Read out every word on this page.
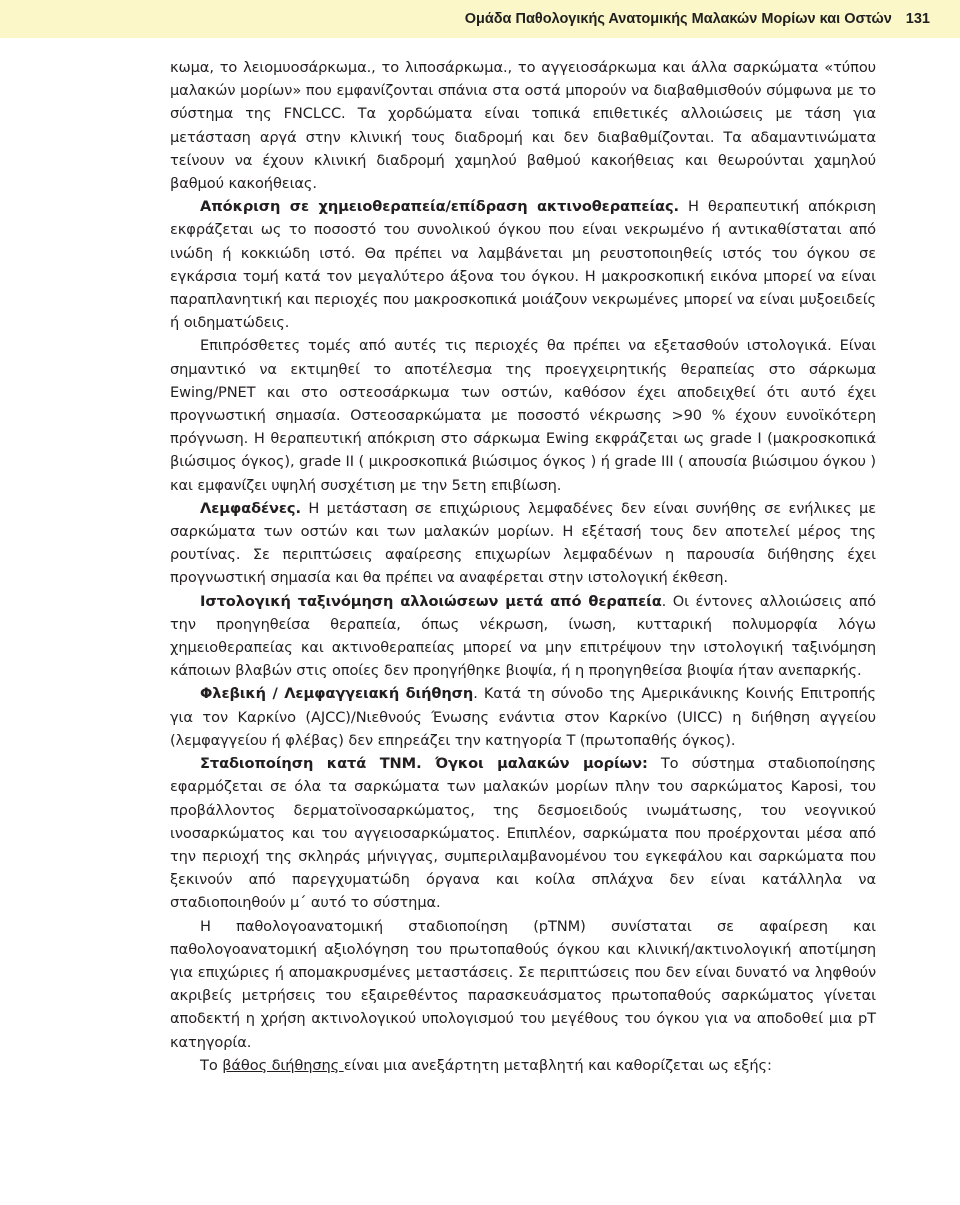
Ομάδα Παθολογικής Ανατομικής Μαλακών Μορίων και Οστών 131

κωμα, το λειομυοσάρκωμα., το λιποσάρκωμα., το αγγειοσάρκωμα και άλλα σαρκώματα «τύπου μαλακών μορίων» που εμφανίζονται σπάνια στα οστά μπορούν να διαβαθμισθούν σύμφωνα με το σύστημα της FNCLCC. Τα χορδώματα είναι τοπικά επιθετικές αλλοιώσεις με τάση για μετάσταση αργά στην κλινική τους διαδρομή και δεν διαβαθμίζονται. Τα αδαμαντινώματα τείνουν να έχουν κλινική διαδρομή χαμηλού βαθμού κακοήθειας και θεωρούνται χαμηλού βαθμού κακοήθειας.

Απόκριση σε χημειοθεραπεία/επίδραση ακτινοθεραπείας. Η θεραπευτική απόκριση εκφράζεται ως το ποσοστό του συνολικού όγκου που είναι νεκρωμένο ή αντικαθίσταται από ινώδη ή κοκκιώδη ιστό. Θα πρέπει να λαμβάνεται μη ρευστοποιηθείς ιστός του όγκου σε εγκάρσια τομή κατά τον μεγαλύτερο άξονα του όγκου. Η μακροσκοπική εικόνα μπορεί να είναι παραπλανητική και περιοχές που μακροσκοπικά μοιάζουν νεκρωμένες μπορεί να είναι μυξοειδείς ή οιδηματώδεις.

Επιπρόσθετες τομές από αυτές τις περιοχές θα πρέπει να εξετασθούν ιστολογικά. Είναι σημαντικό να εκτιμηθεί το αποτέλεσμα της προεγχειρητικής θεραπείας στο σάρκωμα Ewing/PNET και στο οστεοσάρκωμα των οστών, καθόσον έχει αποδειχθεί ότι αυτό έχει προγνωστική σημασία. Οστεοσαρκώματα με ποσοστό νέκρωσης >90 % έχουν ευνοϊκότερη πρόγνωση. Η θεραπευτική απόκριση στο σάρκωμα Ewing εκφράζεται ως grade I (μακροσκοπικά βιώσιμος όγκος), grade II ( μικροσκοπικά βιώσιμος όγκος ) ή grade III ( απουσία βιώσιμου όγκου ) και εμφανίζει υψηλή συσχέτιση με την 5ετη επιβίωση.

Λεμφαδένες. Η μετάσταση σε επιχώριους λεμφαδένες δεν είναι συνήθης σε ενήλικες με σαρκώματα των οστών και των μαλακών μορίων. Η εξέτασή τους δεν αποτελεί μέρος της ρουτίνας. Σε περιπτώσεις αφαίρεσης επιχωρίων λεμφαδένων η παρουσία διήθησης έχει προγνωστική σημασία και θα πρέπει να αναφέρεται στην ιστολογική έκθεση.

Ιστολογική ταξινόμηση αλλοιώσεων μετά από θεραπεία. Οι έντονες αλλοιώσεις από την προηγηθείσα θεραπεία, όπως νέκρωση, ίνωση, κυτταρική πολυμορφία λόγω χημειοθεραπείας και ακτινοθεραπείας μπορεί να μην επιτρέψουν την ιστολογική ταξινόμηση κάποιων βλαβών στις οποίες δεν προηγήθηκε βιοψία, ή η προηγηθείσα βιοψία ήταν ανεπαρκής.

Φλεβική / Λεμφαγγειακή διήθηση. Κατά τη σύνοδο της Αμερικάνικης Κοινής Επιτροπής για τον Καρκίνο (AJCC)/Νιεθνούς Ένωσης ενάντια στον Καρκίνο (UICC) η διήθηση αγγείου (λεμφαγγείου ή φλέβας) δεν επηρεάζει την κατηγορία T (πρωτοπαθής όγκος).

Σταδιοποίηση κατά TNM. Όγκοι μαλακών μορίων: Το σύστημα σταδιοποίησης εφαρμόζεται σε όλα τα σαρκώματα των μαλακών μορίων πλην του σαρκώματος Kaposi, του προβάλλοντος δερματοϊνοσαρκώματος, της δεσμοειδούς ινωμάτωσης, του νεογνικού ινοσαρκώματος και του αγγειοσαρκώματος. Επιπλέον, σαρκώματα που προέρχονται μέσα από την περιοχή της σκληράς μήνιγγας, συμπεριλαμβανομένου του εγκεφάλου και σαρκώματα που ξεκινούν από παρεγχυματώδη όργανα και κοίλα σπλάχνα δεν είναι κατάλληλα να σταδιοποιηθούν μ΄ αυτό το σύστημα.

Η παθολογοανατομική σταδιοποίηση (pTNM) συνίσταται σε αφαίρεση και παθολογοανατομική αξιολόγηση του πρωτοπαθούς όγκου και κλινική/ακτινολογική αποτίμηση για επιχώριες ή απομακρυσμένες μεταστάσεις. Σε περιπτώσεις που δεν είναι δυνατό να ληφθούν ακριβείς μετρήσεις του εξαιρεθέντος παρασκευάσματος πρωτοπαθούς σαρκώματος γίνεται αποδεκτή η χρήση ακτινολογικού υπολογισμού του μεγέθους του όγκου για να αποδοθεί μια pT κατηγορία.

Το βάθος διήθησης είναι μια ανεξάρτητη μεταβλητή και καθορίζεται ως εξής:
